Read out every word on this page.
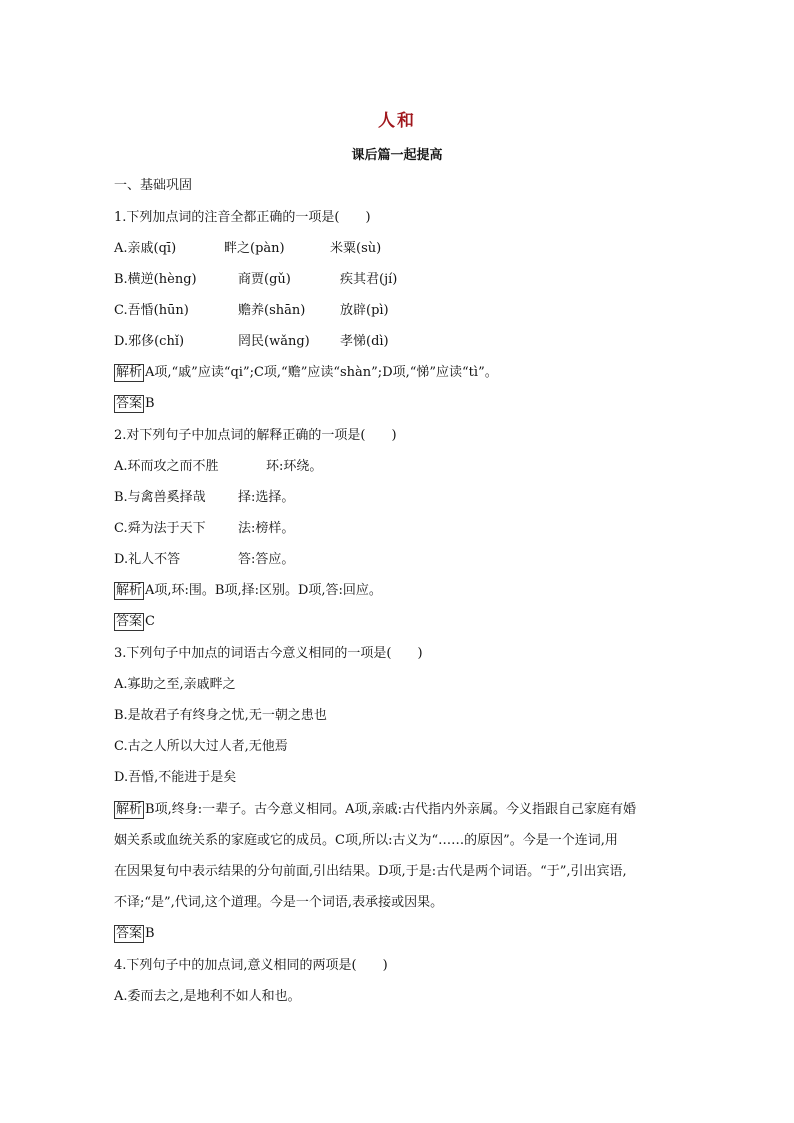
人和
课后篇一起提高
一、基础巩固
1.下列加点词的注音全都正确的一项是(　　)
A.亲戚(qī)	畔之(pàn)	米粟(sù)
B.横逆(hèng)	商贾(gǔ)	疾其君(jí)
C.吾惛(hūn)	赡养(shān)	放辟(pì)
D.邪侈(chǐ)	罔民(wǎng) 孝悌(dì)
解析 A项,“戚”应读“qi”;C项,“赡”应读“shàn”;D项,“悌”应读“tì”。
答案 B
2.对下列句子中加点词的解释正确的一项是(　　)
A.环而攻之而不胜	环:环绕。
B.与禽兽奚择哉 择:选择。
C.舜为法于天下 法:榜样。
D.礼人不答	答:答应。
解析 A项,环:围。B项,择:区别。D项,答:回应。
答案 C
3.下列句子中加点的词语古今意义相同的一项是(　　)
A.寡助之至,亲戚畔之
B.是故君子有终身之忧,无一朝之患也
C.古之人所以大过人者,无他焉
D.吾惛,不能进于是矣
解析 B项,终身:一辈子。古今意义相同。A项,亲戚:古代指内外亲属。今义指跟自己家庭有婚
姻关系或血统关系的家庭或它的成员。C项,所以:古义为“……的原因”。今是一个连词,用
在因果复句中表示结果的分句前面,引出结果。D项,于是:古代是两个词语。“于”,引出宾语,
不译;“是”,代词,这个道理。今是一个词语,表承接或因果。
答案 B
4.下列句子中的加点词,意义相同的两项是(　　)
A.委而去之,是地利不如人和也。
